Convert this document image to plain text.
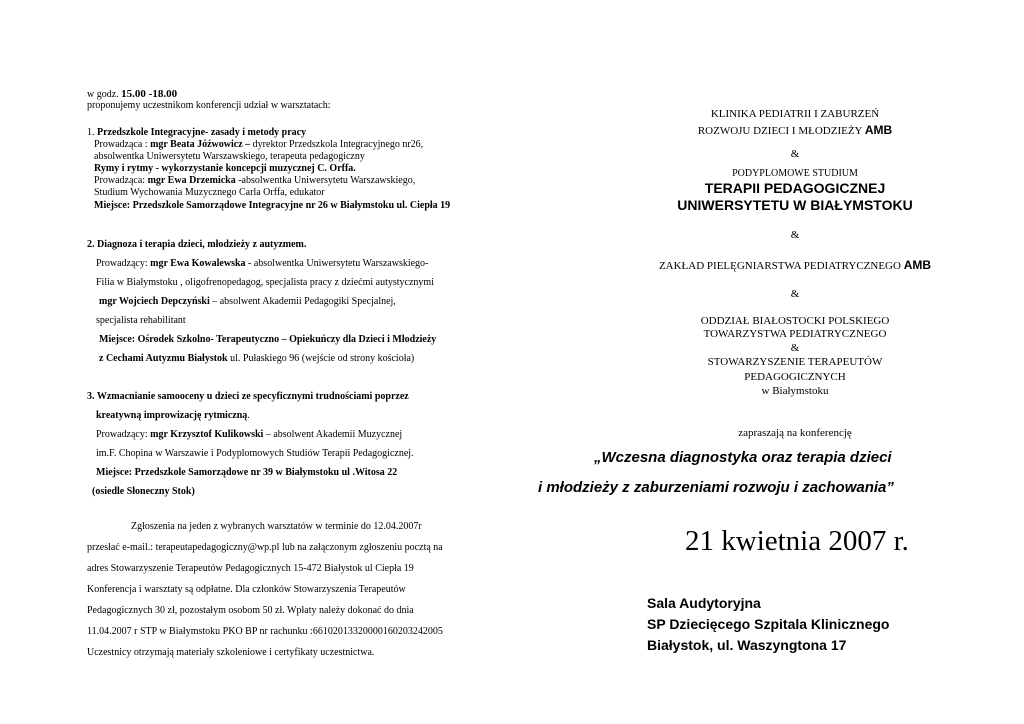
w godz. 15.00 -18.00
proponujemy uczestnikom konferencji udział w warsztatach:
1. Przedszkole Integracyjne- zasady i metody pracy
Prowadząca : mgr Beata Jóźwowicz – dyrektor Przedszkola Integracyjnego nr26,
absolwentka Uniwersytetu Warszawskiego, terapeuta pedagogiczny
Rymy i rytmy - wykorzystanie koncepcji muzycznej C. Orffa.
Prowadząca: mgr Ewa Drzemicka -absolwentka Uniwersytetu Warszawskiego,
Studium Wychowania Muzycznego Carla Orffa, edukator
Miejsce: Przedszkole Samorządowe Integracyjne nr 26 w Białymstoku ul. Ciepła 19
2. Diagnoza i terapia dzieci, młodzieży z autyzmem.
Prowadzący: mgr Ewa Kowalewska - absolwentka Uniwersytetu Warszawskiego-
Filia w Białymstoku , oligofrenopedagog, specjalista pracy z dziećmi autystycznymi
mgr Wojciech Depczyński – absolwent Akademii Pedagogiki Specjalnej,
specjalista rehabilitant
Miejsce: Ośrodek Szkolno- Terapeutyczno – Opiekuńczy dla Dzieci i Młodzieży
z Cechami Autyzmu Białystok ul. Pułaskiego 96 (wejście od strony kościoła)
3. Wzmacnianie samooceny u dzieci ze specyficznymi trudnościami poprzez
kreatywną improwizację rytmiczną.
Prowadzący: mgr Krzysztof Kulikowski – absolwent Akademii Muzycznej
im.F. Chopina w Warszawie i Podyplomowych Studiów Terapii Pedagogicznej.
Miejsce: Przedszkole Samorządowe nr 39 w Białymstoku ul .Witosa 22
(osiedle Słoneczny Stok)

Zgłoszenia na jeden z wybranych warsztatów w terminie do 12.04.2007r

przesłać e-mail.: terapeutapedagogiczny@wp.pl lub na załączonym zgłoszeniu pocztą na

adres Stowarzyszenie Terapeutów Pedagogicznych 15-472 Białystok ul Ciepła 19

Konferencja i warsztaty są odpłatne. Dla członków Stowarzyszenia Terapeutów

Pedagogicznych 30 zł, pozostałym osobom 50 zł. Wpłaty należy dokonać do dnia

11.04.2007 r STP w Białymstoku PKO BP nr rachunku :66102013320000160203242005

Uczestnicy otrzymają materiały szkoleniowe i certyfikaty uczestnictwa.

KLINIKA PEDIATRII I ZABURZEŃ
ROZWOJU DZIECI I MŁODZIEŻY AMB
&
PODYPLOMOWE STUDIUM
TERAPII PEDAGOGICZNEJ
UNIWERSYTETU W BIAŁYMSTOKU
&
ZAKŁAD PIELĘGNIARSTWA PEDIATRYCZNEGO AMB
&
ODDZIAŁ BIAŁOSTOCKI POLSKIEGO
TOWARZYSTWA PEDIATRYCZNEGO
&
STOWARZYSZENIE TERAPEUTÓW
PEDAGOGICZNYCH
w Białymstoku
zapraszają na konferencję
„Wczesna diagnostyka oraz terapia dzieci
i młodzieży z zaburzeniami rozwoju i zachowania”
21 kwietnia 2007 r.
Sala Audytoryjna
SP Dziecięcego Szpitala Klinicznego
Białystok, ul. Waszyngtona 17
